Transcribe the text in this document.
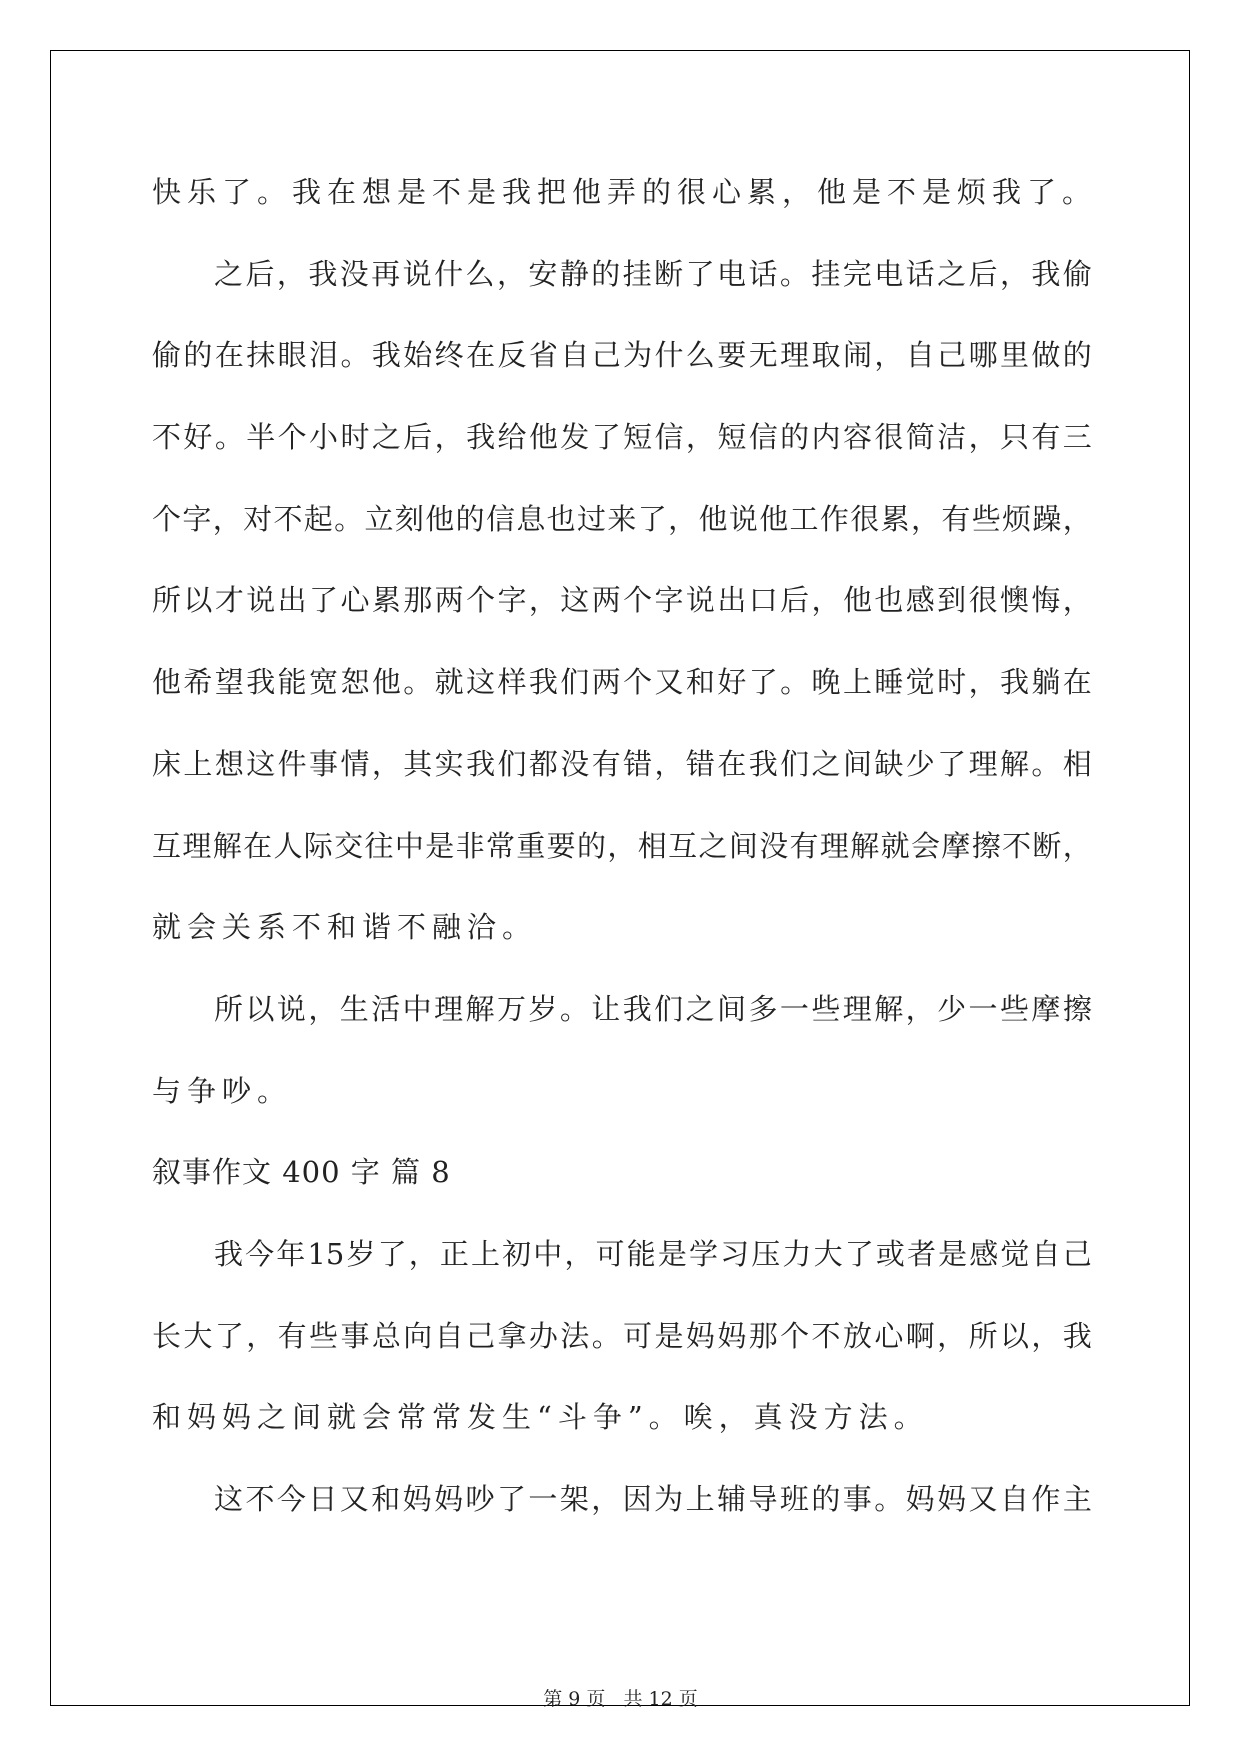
快乐了。我在想是不是我把他弄的很心累，他是不是烦我了。
之 后 ， 我 没 再 说 什 么 ， 安 静 的 挂 断 了 电 话 。 挂 完 电 话 之 后 ， 我 偷
偷 的 在 抹 眼 泪 。 我 始 终 在 反 省 自 己 为 什 么 要 无 理 取 闹 ， 自 己 哪 里 做 的
不 好 。 半 个 小 时 之 后 ， 我 给 他 发 了 短 信 ， 短 信 的 内 容 很 简 洁 ， 只 有 三
个 字 ， 对 不 起 。 立 刻 他 的 信 息 也 过 来 了 ， 他 说 他 工 作 很 累 ， 有 些 烦 躁 ，
所 以 才 说 出 了 心 累 那 两 个 字 ， 这 两 个 字 说 出 口 后 ， 他 也 感 到 很 懊 悔 ，
他 希 望 我 能 宽 恕 他 。 就 这 样 我 们 两 个 又 和 好 了 。 晚 上 睡 觉 时 ， 我 躺 在
床 上 想 这 件 事 情 ， 其 实 我 们 都 没 有 错 ， 错 在 我 们 之 间 缺 少 了 理 解 。 相
互 理 解 在 人 际 交 往 中 是 非 常 重 要 的 ， 相 互 之 间 没 有 理 解 就 会 摩 擦 不 断 ，
就会关系不和谐不融洽。
所 以 说 ， 生 活 中 理 解 万 岁 。 让 我 们 之 间 多 一 些 理 解 ， 少 一 些 摩 擦
与争吵。
叙事作文 400 字 篇 8
我 今 年 15 岁 了 ， 正 上 初 中 ， 可 能 是 学 习 压 力 大 了 或 者 是 感 觉 自 己
长 大 了 ， 有 些 事 总 向 自 己 拿 办 法 。 可 是 妈 妈 那 个 不 放 心 啊 ， 所 以 ， 我
和妈妈之间就会常常发生“斗争”。唉，真没方法。
这 不 今 日 又 和 妈 妈 吵 了 一 架 ， 因 为 上 辅 导 班 的 事 。 妈 妈 又 自 作 主
第 9 页 共 12 页
